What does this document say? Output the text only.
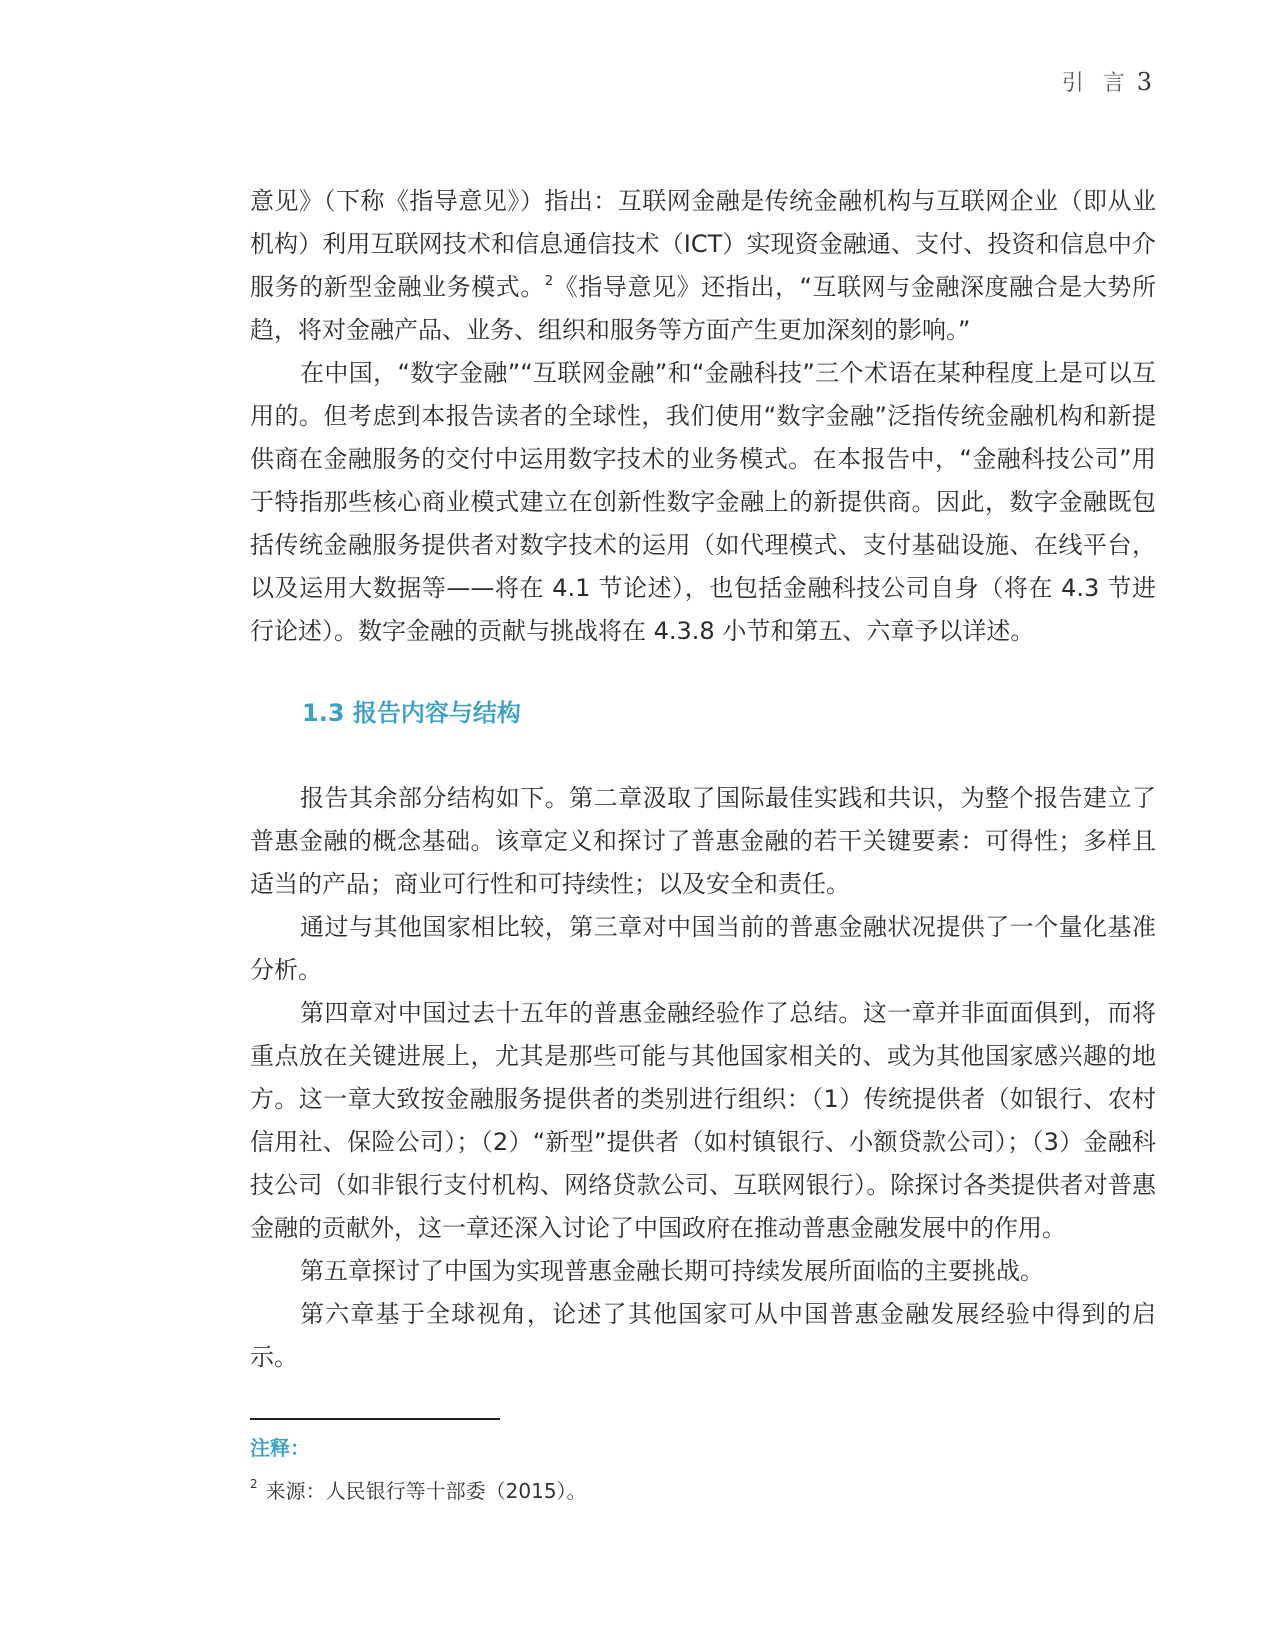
引 言 3

意见》（下称《指导意见》）指出：互联网金融是传统金融机构与互联网企业（即从业机构）利用互联网技术和信息通信技术（ICT）实现资金融通、支付、投资和信息中介服务的新型金融业务模式。$^2$《指导意见》还指出，“互联网与金融深度融合是大势所趋，将对金融产品、业务、组织和服务等方面产生更加深刻的影响。”

在中国，“数字金融”“互联网金融”和“金融科技”三个术语在某种程度上是可以互用的。但考虑到本报告读者的全球性，我们使用“数字金融”泛指传统金融机构和新提供商在金融服务的交付中运用数字技术的业务模式。在本报告中，“金融科技公司”用于特指那些核心商业模式建立在创新性数字金融上的新提供商。因此，数字金融既包括传统金融服务提供者对数字技术的运用（如代理模式、支付基础设施、在线平台，以及运用大数据等——将在 4.1 节论述），也包括金融科技公司自身（将在 4.3 节进行论述）。数字金融的贡献与挑战将在 4.3.8 小节和第五、六章予以详述。

1.3 报告内容与结构

报告其余部分结构如下。第二章汲取了国际最佳实践和共识，为整个报告建立了普惠金融的概念基础。该章定义和探讨了普惠金融的若干关键要素：可得性；多样且适当的产品；商业可行性和可持续性；以及安全和责任。

通过与其他国家相比较，第三章对中国当前的普惠金融状况提供了一个量化基准分析。

第四章对中国过去十五年的普惠金融经验作了总结。这一章并非面面俱到，而将重点放在关键进展上，尤其是那些可能与其他国家相关的、或为其他国家感兴趣的地方。这一章大致按金融服务提供者的类别进行组织：（1）传统提供者（如银行、农村信用社、保险公司）；（2）“新型”提供者（如村镇银行、小额贷款公司）；（3）金融科技公司（如非银行支付机构、网络贷款公司、互联网银行）。除探讨各类提供者对普惠金融的贡献外，这一章还深入讨论了中国政府在推动普惠金融发展中的作用。

第五章探讨了中国为实现普惠金融长期可持续发展所面临的主要挑战。

第六章基于全球视角，论述了其他国家可从中国普惠金融发展经验中得到的启示。

注释：
$^2$ 来源：人民银行等十部委（2015）。
